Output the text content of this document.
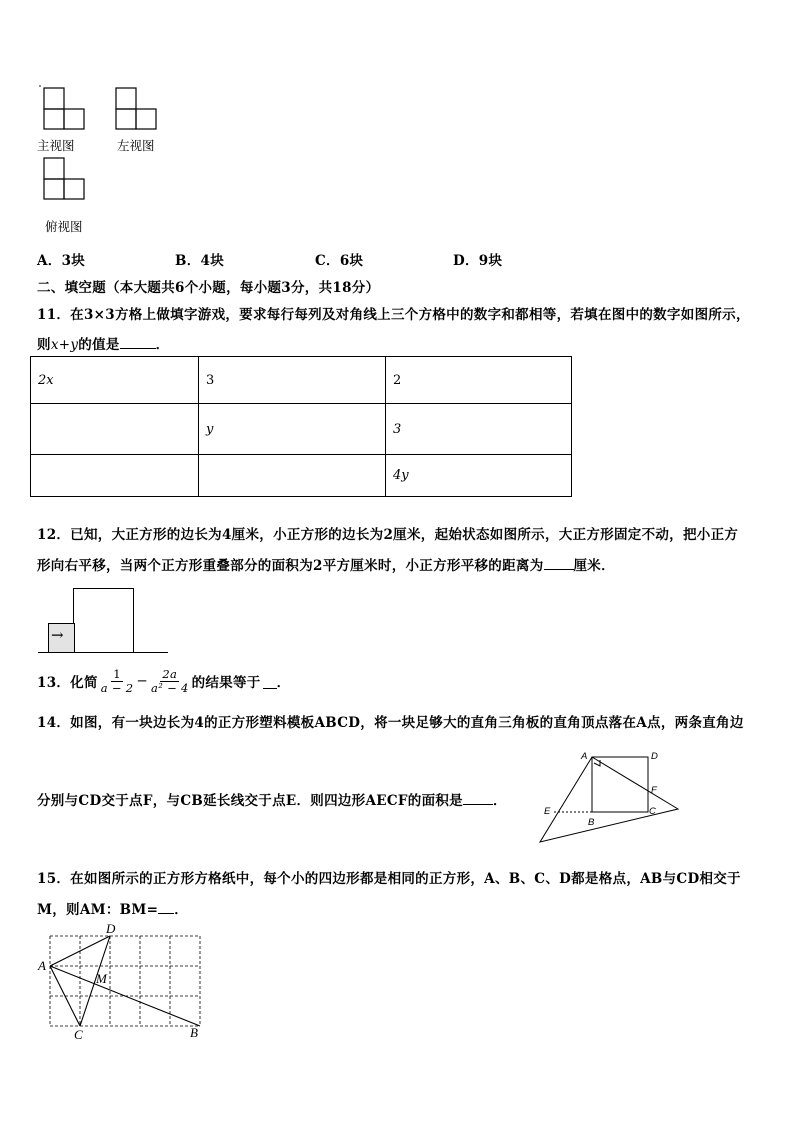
主视图	左视图
俯视图
A．3块	B．4块	C．6块	D．9块
二、填空题（本大题共6个小题，每小题3分，共18分）
11．在3×3方格上做填字游戏，要求每行每列及对角线上三个方格中的数字和都相等，若填在图中的数字如图所示，
则x+y的值是	．
2x	3	2
	y	3
		4y
12．已知，大正方形的边长为4厘米，小正方形的边长为2厘米，起始状态如图所示，大正方形固定不动，把小正方
形向右平移，当两个正方形重叠部分的面积为2平方厘米时，小正方形平移的距离为 厘米．
→
13．化简 $\frac{1}{a - 2} - \frac{2a}{\text{a² − 4}}$ 的结果等于 ．
14．如图，有一块边长为4的正方形塑料模板ABCD，将一块足够大的直角三角板的直角顶点落在A点，两条直角边
分别与CD交于点F，与CB延长线交于点E．则四边形AECF的面积是 ．
A	D
F
C
B
E
15．在如图所示的正方形方格纸中，每个小的四边形都是相同的正方形，A、B、C、D都是格点，AB与CD相交于
M，则AM：BM= ．
A
D
M
C	B
